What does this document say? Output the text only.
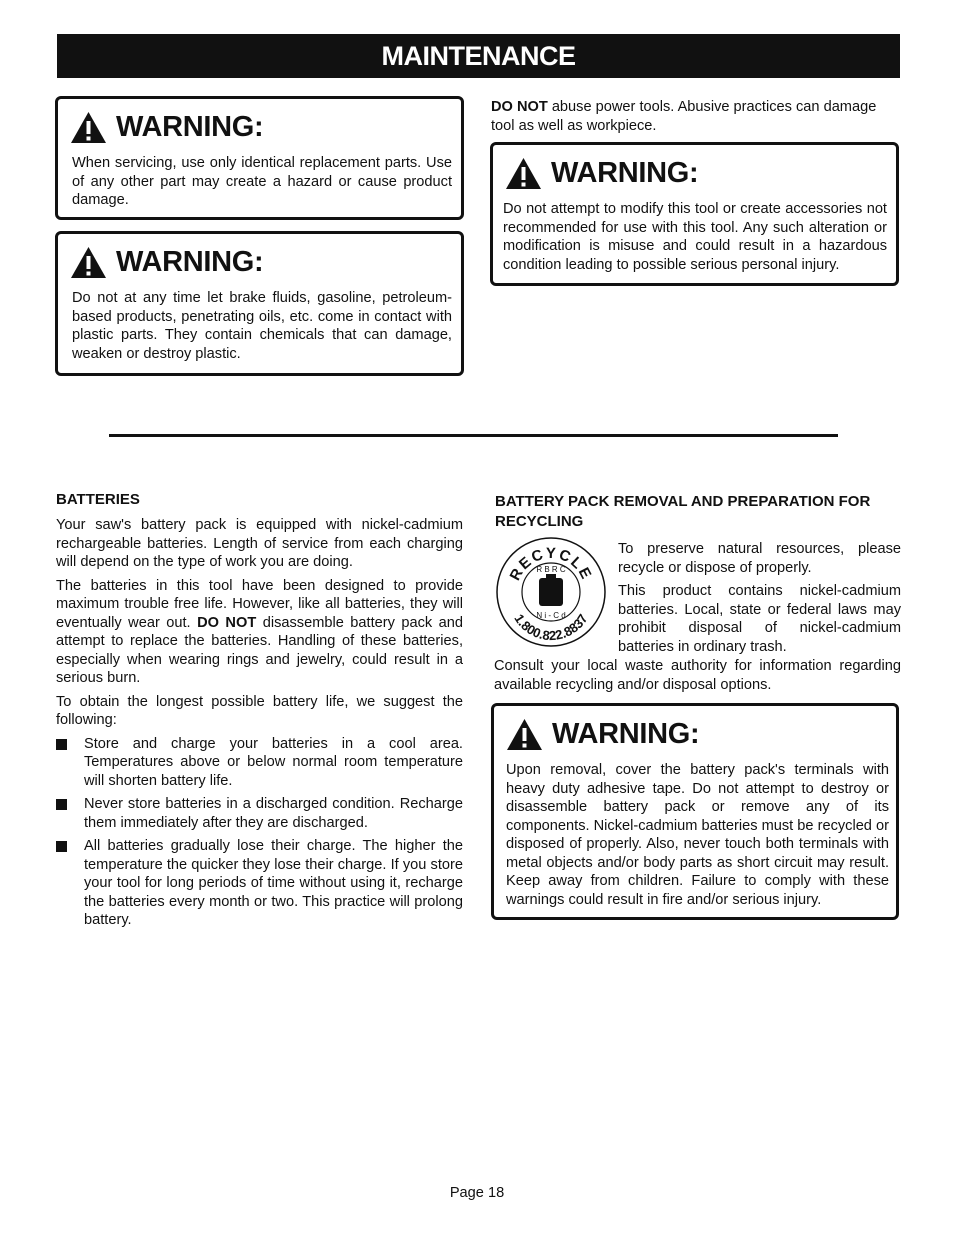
MAINTENANCE
WARNING:
When servicing, use only identical replacement parts. Use of any other part may create a hazard or cause product damage.
WARNING:
Do not at any time let brake fluids, gasoline, petroleum-based products, penetrating oils, etc. come in contact with plastic parts. They contain chemicals that can damage, weaken or destroy plastic.
DO NOT abuse power tools. Abusive practices can damage tool as well as workpiece.
WARNING:
Do not attempt to modify this tool or create accessories not recommended for use with this tool. Any such alteration or modification is misuse and could result in a hazardous condition leading to possible serious personal injury.
BATTERIES

Your saw's battery pack is equipped with nickel-cadmium rechargeable batteries. Length of service from each charging will depend on the type of work you are doing.

The batteries in this tool have been designed to provide maximum trouble free life. However, like all batteries, they will eventually wear out. DO NOT disassemble battery pack and attempt to replace the batteries. Handling of these batteries, especially when wearing rings and jewelry, could result in a serious burn.

To obtain the longest possible battery life, we suggest the following:

Store and charge your batteries in a cool area. Temperatures above or below normal room temperature will shorten battery life.
Never store batteries in a discharged condition. Recharge them immediately after they are discharged.
All batteries gradually lose their charge. The higher the temperature the quicker they lose their charge. If you store your tool for long periods of time without using it, recharge the batteries every month or two. This practice will prolong battery.
BATTERY PACK REMOVAL AND PREPARATION FOR RECYCLING
RECYCLE
R B R C
N i - C d
1.800.822.8837

To preserve natural resources, please recycle or dispose of properly.

This product contains nickel-cadmium batteries. Local, state or federal laws may prohibit disposal of nickel-cadmium batteries in ordinary trash.

Consult your local waste authority for information regarding available recycling and/or disposal options.
WARNING:
Upon removal, cover the battery pack's terminals with heavy duty adhesive tape. Do not attempt to destroy or disassemble battery pack or remove any of its components. Nickel-cadmium batteries must be recycled or disposed of properly. Also, never touch both terminals with metal objects and/or body parts as short circuit may result. Keep away from children. Failure to comply with these warnings could result in fire and/or serious injury.
Page 18
